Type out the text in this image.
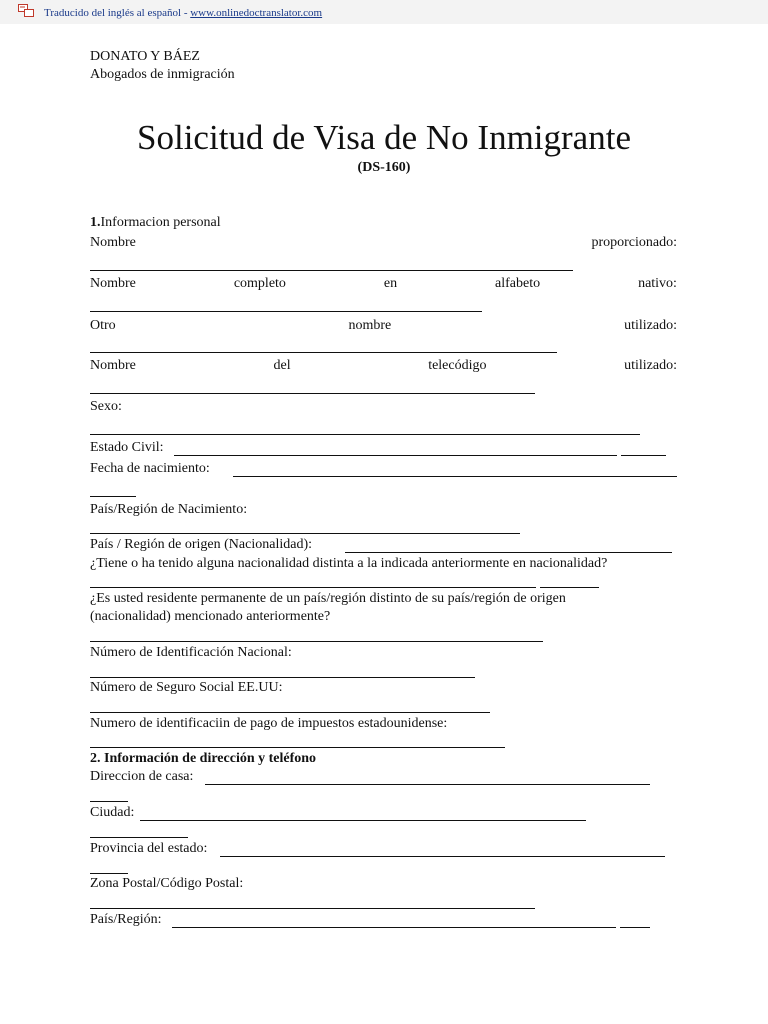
Traducido del inglés al español - www.onlinedoctranslator.com
DONATO Y BÁEZ
Abogados de inmigración
Solicitud de Visa de No Inmigrante
(DS-160)
1.Informacion personal
Nombre	proporcionado:
Nombre	completo	en	alfabeto	nativo:
Otro	nombre	utilizado:
Nombre	del	telecódigo	utilizado:
Sexo:
Estado Civil:
Fecha de nacimiento:
País/Región de Nacimiento:
País / Región de origen (Nacionalidad):
¿Tiene o ha tenido alguna nacionalidad distinta a la indicada anteriormente en nacionalidad?
¿Es usted residente permanente de un país/región distinto de su país/región de origen
(nacionalidad) mencionado anteriormente?
Número de Identificación Nacional:
Número de Seguro Social EE.UU:
Numero de identificaciin de pago de impuestos estadounidense:
2. Información de dirección y teléfono
Direccion de casa:
Ciudad:
Provincia del estado:
Zona Postal/Código Postal:
País/Región:
